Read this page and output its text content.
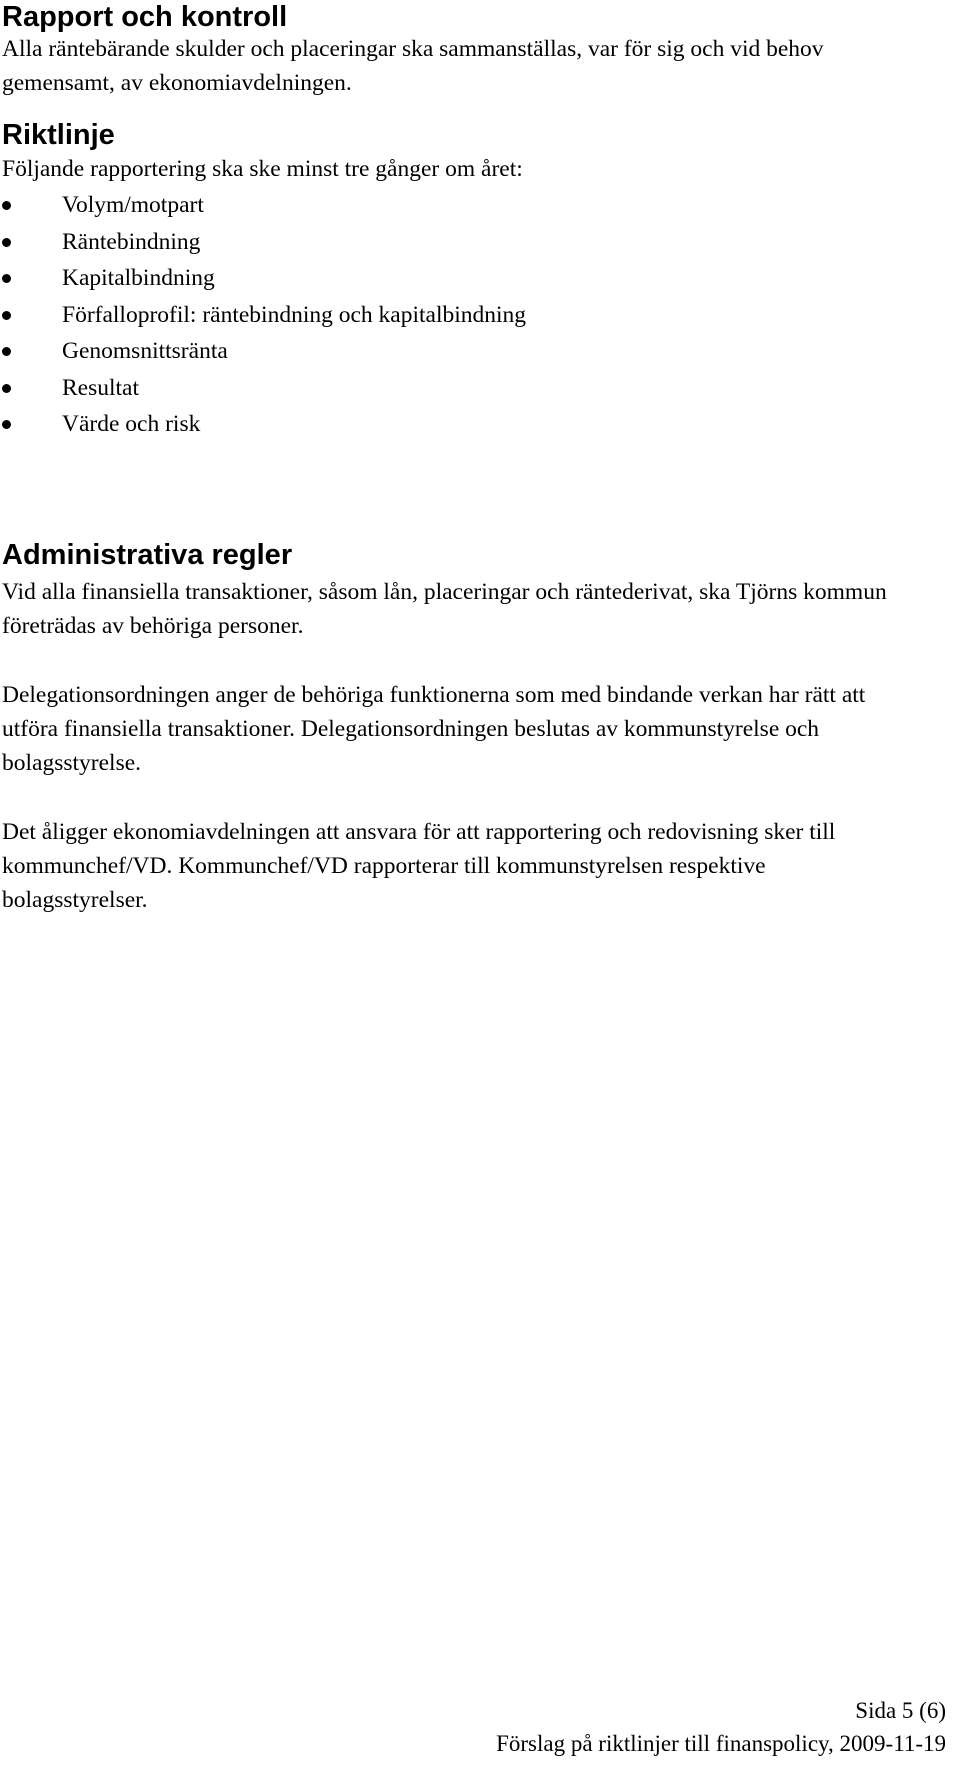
Rapport och kontroll

Alla räntebärande skulder och placeringar ska sammanställas, var för sig och vid behov gemensamt, av ekonomiavdelningen.

Riktlinje

Följande rapportering ska ske minst tre gånger om året:

Volym/motpart
Räntebindning
Kapitalbindning
Förfalloprofil: räntebindning och kapitalbindning
Genomsnittsränta
Resultat
Värde och risk
Administrativa regler

Vid alla finansiella transaktioner, såsom lån, placeringar och räntederivat, ska Tjörns kommun företrädas av behöriga personer.

Delegationsordningen anger de behöriga funktionerna som med bindande verkan har rätt att utföra finansiella transaktioner. Delegationsordningen beslutas av kommunstyrelse och bolagsstyrelse.

Det åligger ekonomiavdelningen att ansvara för att rapportering och redovisning sker till kommunchef/VD. Kommunchef/VD rapporterar till kommunstyrelsen respektive bolagsstyrelser.

Sida 5 (6)
Förslag på riktlinjer till finanspolicy, 2009-11-19
